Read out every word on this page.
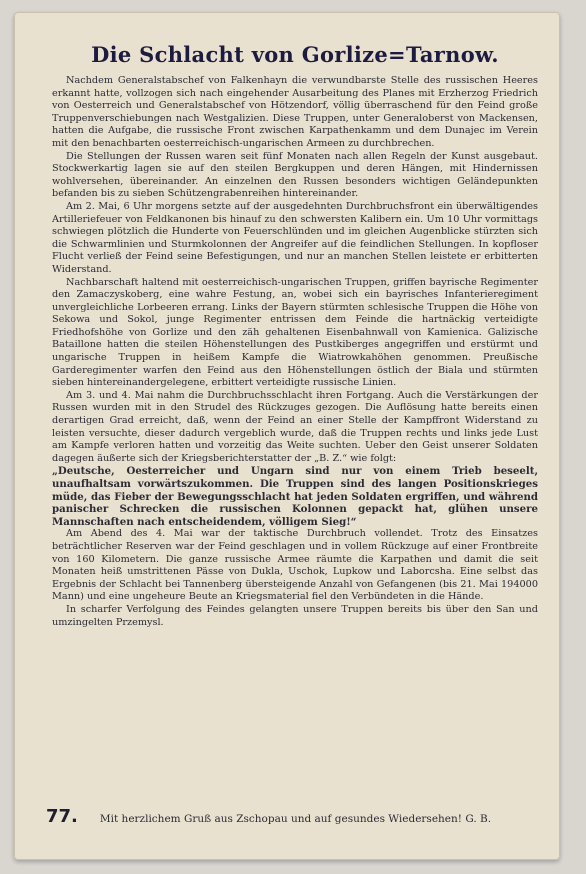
Die Schlacht von Gorlize=Tarnow.

Nachdem Generalstabschef von Falkenhayn die verwundbarste Stelle des russischen Heeres erkannt hatte, vollzogen sich nach eingehender Ausarbeitung des Planes mit Erzherzog Friedrich von Oesterreich und Generalstabschef von Hötzendorf, völlig überraschend für den Feind große Truppenverschiebungen nach Westgalizien. Diese Truppen, unter Generaloberst von Mackensen, hatten die Aufgabe, die russische Front zwischen Karpathenkamm und dem Dunajec im Verein mit den benachbarten oesterreichisch-ungarischen Armeen zu durchbrechen.

Die Stellungen der Russen waren seit fünf Monaten nach allen Regeln der Kunst ausgebaut. Stockwerkartig lagen sie auf den steilen Bergkuppen und deren Hängen, mit Hindernissen wohlversehen, übereinander. An einzelnen den Russen besonders wichtigen Geländepunkten befanden bis zu sieben Schützengrabenreihen hintereinander.

Am 2. Mai, 6 Uhr morgens setzte auf der ausgedehnten Durchbruchsfront ein überwältigendes Artilleriefeuer von Feldkanonen bis hinauf zu den schwersten Kalibern ein. Um 10 Uhr vormittags schwiegen plötzlich die Hunderte von Feuerschlünden und im gleichen Augenblicke stürzten sich die Schwarmlinien und Sturmkolonnen der Angreifer auf die feindlichen Stellungen. In kopfloser Flucht verließ der Feind seine Befestigungen, und nur an manchen Stellen leistete er erbitterten Widerstand.

Nachbarschaft haltend mit oesterreichisch-ungarischen Truppen, griffen bayrische Regimenter den Zamaczyskoberg, eine wahre Festung, an, wobei sich ein bayrisches Infanterieregiment unvergleichliche Lorbeeren errang. Links der Bayern stürmten schlesische Truppen die Höhe von Sekowa und Sokol, junge Regimenter entrissen dem Feinde die hartnäckig verteidigte Friedhofshöhe von Gorlize und den zäh gehaltenen Eisenbahnwall von Kamienica. Galizische Bataillone hatten die steilen Höhenstellungen des Pustkiberges angegriffen und erstürmt und ungarische Truppen in heißem Kampfe die Wiatrowkahöhen genommen. Preußische Garderegimenter warfen den Feind aus den Höhenstellungen östlich der Biala und stürmten sieben hintereinandergelegene, erbittert verteidigte russische Linien.

Am 3. und 4. Mai nahm die Durchbruchsschlacht ihren Fortgang. Auch die Verstärkungen der Russen wurden mit in den Strudel des Rückzuges gezogen. Die Auflösung hatte bereits einen derartigen Grad erreicht, daß, wenn der Feind an einer Stelle der Kampffront Widerstand zu leisten versuchte, dieser dadurch vergeblich wurde, daß die Truppen rechts und links jede Lust am Kampfe verloren hatten und vorzeitig das Weite suchten. Ueber den Geist unserer Soldaten dagegen äußerte sich der Kriegsberichterstatter der „B. Z.“ wie folgt:

„Deutsche, Oesterreicher und Ungarn sind nur von einem Trieb beseelt, unaufhaltsam vorwärtszukommen. Die Truppen sind des langen Positionskrieges müde, das Fieber der Bewegungsschlacht hat jeden Soldaten ergriffen, und während panischer Schrecken die russischen Kolonnen gepackt hat, glühen unsere Mannschaften nach entscheidendem, völligem Sieg!“

Am Abend des 4. Mai war der taktische Durchbruch vollendet. Trotz des Einsatzes beträchtlicher Reserven war der Feind geschlagen und in vollem Rückzuge auf einer Frontbreite von 160 Kilometern. Die ganze russische Armee räumte die Karpathen und damit die seit Monaten heiß umstrittenen Pässe von Dukla, Uschok, Lupkow und Laborcsha. Eine selbst das Ergebnis der Schlacht bei Tannenberg übersteigende Anzahl von Gefangenen (bis 21. Mai 194000 Mann) und eine ungeheure Beute an Kriegsmaterial fiel den Verbündeten in die Hände.

In scharfer Verfolgung des Feindes gelangten unsere Truppen bereits bis über den San und umzingelten Przemysl.

77. Mit herzlichem Gruß aus Zschopau und auf gesundes Wiedersehen! G. B.
